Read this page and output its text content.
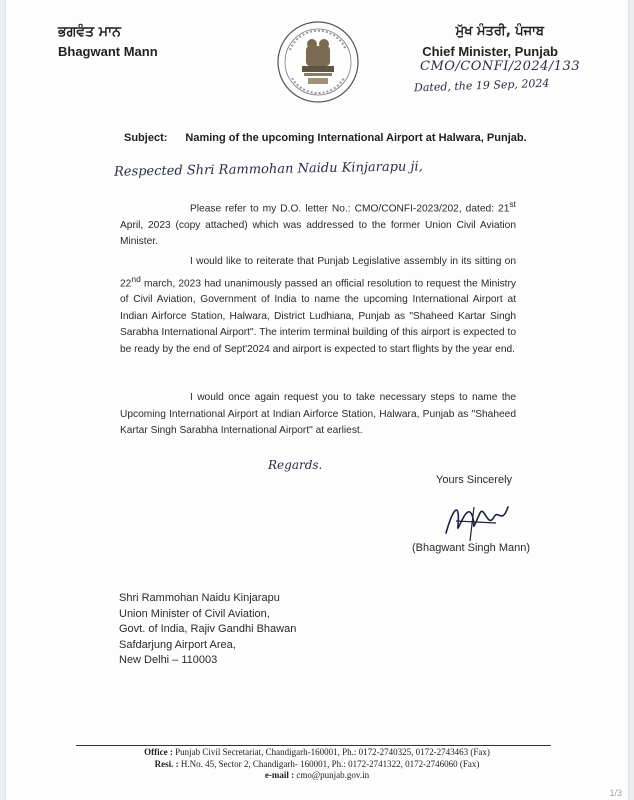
ਭਗਵੰਤ ਮਾਨ
Bhagwant Mann
ਮੁੱਖ ਮੰਤਰੀ, ਪੰਜਾਬ
Chief Minister, Punjab
CMO/CONFI/2024/133
Dated, the 19 Sep, 2024
Subject: Naming of the upcoming International Airport at Halwara, Punjab.
Respected Shri Rammohan Naidu Kinjarapu ji,
Please refer to my D.O. letter No.: CMO/CONFI-2023/202, dated: 21st April, 2023 (copy attached) which was addressed to the former Union Civil Aviation Minister.
I would like to reiterate that Punjab Legislative assembly in its sitting on 22nd march, 2023 had unanimously passed an official resolution to request the Ministry of Civil Aviation, Government of India to name the upcoming International Airport at Indian Airforce Station, Halwara, District Ludhiana, Punjab as "Shaheed Kartar Singh Sarabha International Airport". The interim terminal building of this airport is expected to be ready by the end of Sept'2024 and airport is expected to start flights by the year end.
I would once again request you to take necessary steps to name the Upcoming International Airport at Indian Airforce Station, Halwara, Punjab as "Shaheed Kartar Singh Sarabha International Airport" at earliest.
Regards.
Yours Sincerely
(Bhagwant Singh Mann)
Shri Rammohan Naidu Kinjarapu
Union Minister of Civil Aviation,
Govt. of India, Rajiv Gandhi Bhawan
Safdarjung Airport Area,
New Delhi – 110003
Office : Punjab Civil Secretariat, Chandigarh-160001, Ph.: 0172-2740325, 0172-2743463 (Fax)
Resi. : H.No. 45, Sector 2, Chandigarh- 160001, Ph.: 0172-2741322, 0172-2746060 (Fax)
e-mail : cmo@punjab.gov.in
1/3
